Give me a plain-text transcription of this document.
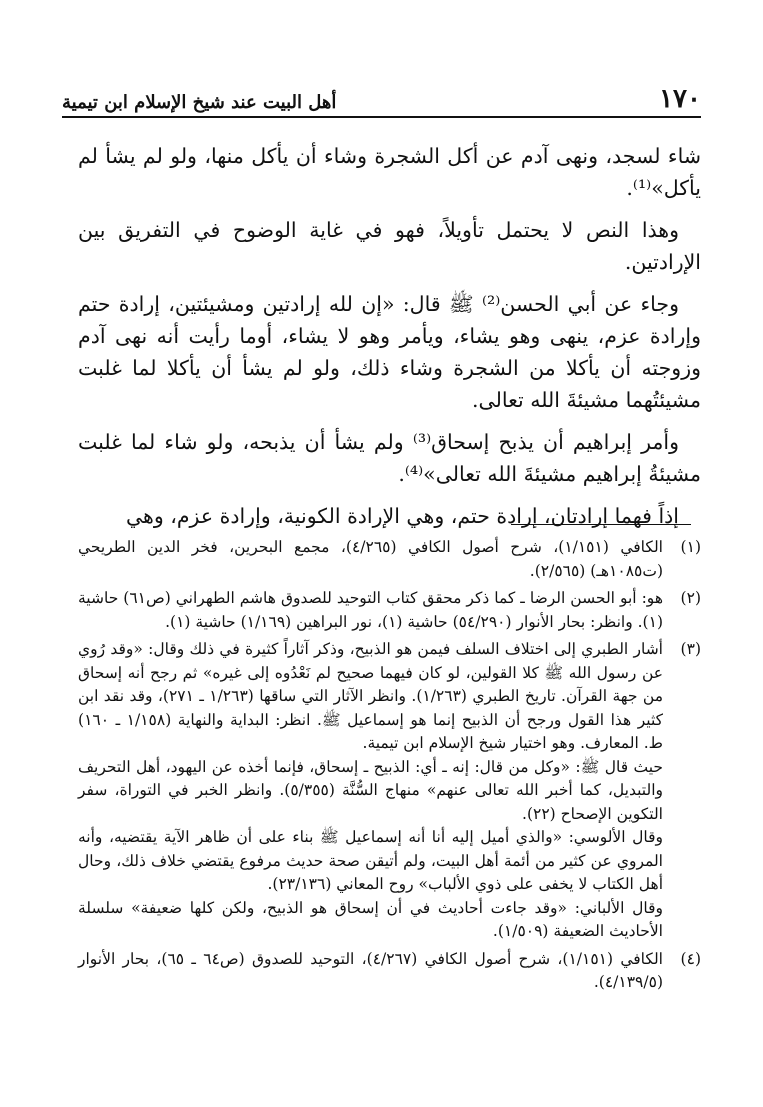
١٧٠
أهل البيت عند شيخ الإسلام ابن تيمية

شاء لسجد، ونهى آدم عن أكل الشجرة وشاء أن يأكل منها، ولو لم يشأ لم يأكل»⁽¹⁾.

وهذا النص لا يحتمل تأويلاً، فهو في غاية الوضوح في التفريق بين الإرادتين.

وجاء عن أبي الحسن⁽²⁾ ﷺ قال: «إن لله إرادتين ومشيئتين، إرادة حتم وإرادة عزم، ينهى وهو يشاء، ويأمر وهو لا يشاء، أوما رأيت أنه نهى آدم وزوجته أن يأكلا من الشجرة وشاء ذلك، ولو لم يشأ أن يأكلا لما غلبت مشيئتُهما مشيئةَ الله تعالى.

وأمر إبراهيم أن يذبح إسحاق⁽³⁾ ولم يشأ أن يذبحه، ولو شاء لما غلبت مشيئةُ إبراهيم مشيئةَ الله تعالى»⁽⁴⁾.

إذاً فهما إرادتان، إرادة حتم، وهي الإرادة الكونية، وإرادة عزم، وهي

(١)

الكافي (١/١٥١)، شرح أصول الكافي (٤/٢٦٥)، مجمع البحرين، فخر الدين الطريحي (ت١٠٨٥هـ) (٢/٥٦٥).

(٢)

هو: أبو الحسن الرضا ـ كما ذكر محقق كتاب التوحيد للصدوق هاشم الطهراني (ص٦١) حاشية (١). وانظر: بحار الأنوار (٥٤/٢٩٠) حاشية (١)، نور البراهين (١/١٦٩) حاشية (١).

(٣)

أشار الطبري إلى اختلاف السلف فيمن هو الذبيح، وذكر آثاراً كثيرة في ذلك وقال: «وقد رُوي عن رسول الله ﷺ كلا القولين، لو كان فيهما صحيح لم نَعْدُوه إلى غيره» ثم رجح أنه إسحاق من جهة القرآن. تاريخ الطبري (١/٢٦٣). وانظر الآثار التي ساقها (١/٢٦٣ ـ ٢٧١)، وقد نقد ابن كثير هذا القول ورجح أن الذبيح إنما هو إسماعيل ﷺ. انظر: البداية والنهاية (١/١٥٨ ـ ١٦٠) ط. المعارف. وهو اختيار شيخ الإسلام ابن تيمية.

حيث قال ﷺ: «وكل من قال: إنه ـ أي: الذبيح ـ إسحاق، فإنما أخذه عن اليهود، أهل التحريف والتبديل، كما أخبر الله تعالى عنهم» منهاج السُّنَّة (٥/٣٥٥). وانظر الخبر في التوراة، سفر التكوين الإصحاح (٢٢).

وقال الألوسي: «والذي أميل إليه أنا أنه إسماعيل ﷺ بناء على أن ظاهر الآية يقتضيه، وأنه المروي عن كثير من أئمة أهل البيت، ولم أتيقن صحة حديث مرفوع يقتضي خلاف ذلك، وحال أهل الكتاب لا يخفى على ذوي الألباب» روح المعاني (٢٣/١٣٦).

وقال الألباني: «وقد جاءت أحاديث في أن إسحاق هو الذبيح، ولكن كلها ضعيفة» سلسلة الأحاديث الضعيفة (١/٥٠٩).

(٤)

الكافي (١/١٥١)، شرح أصول الكافي (٤/٢٦٧)، التوحيد للصدوق (ص٦٤ ـ ٦٥)، بحار الأنوار (٤/١٣٩/٥).
